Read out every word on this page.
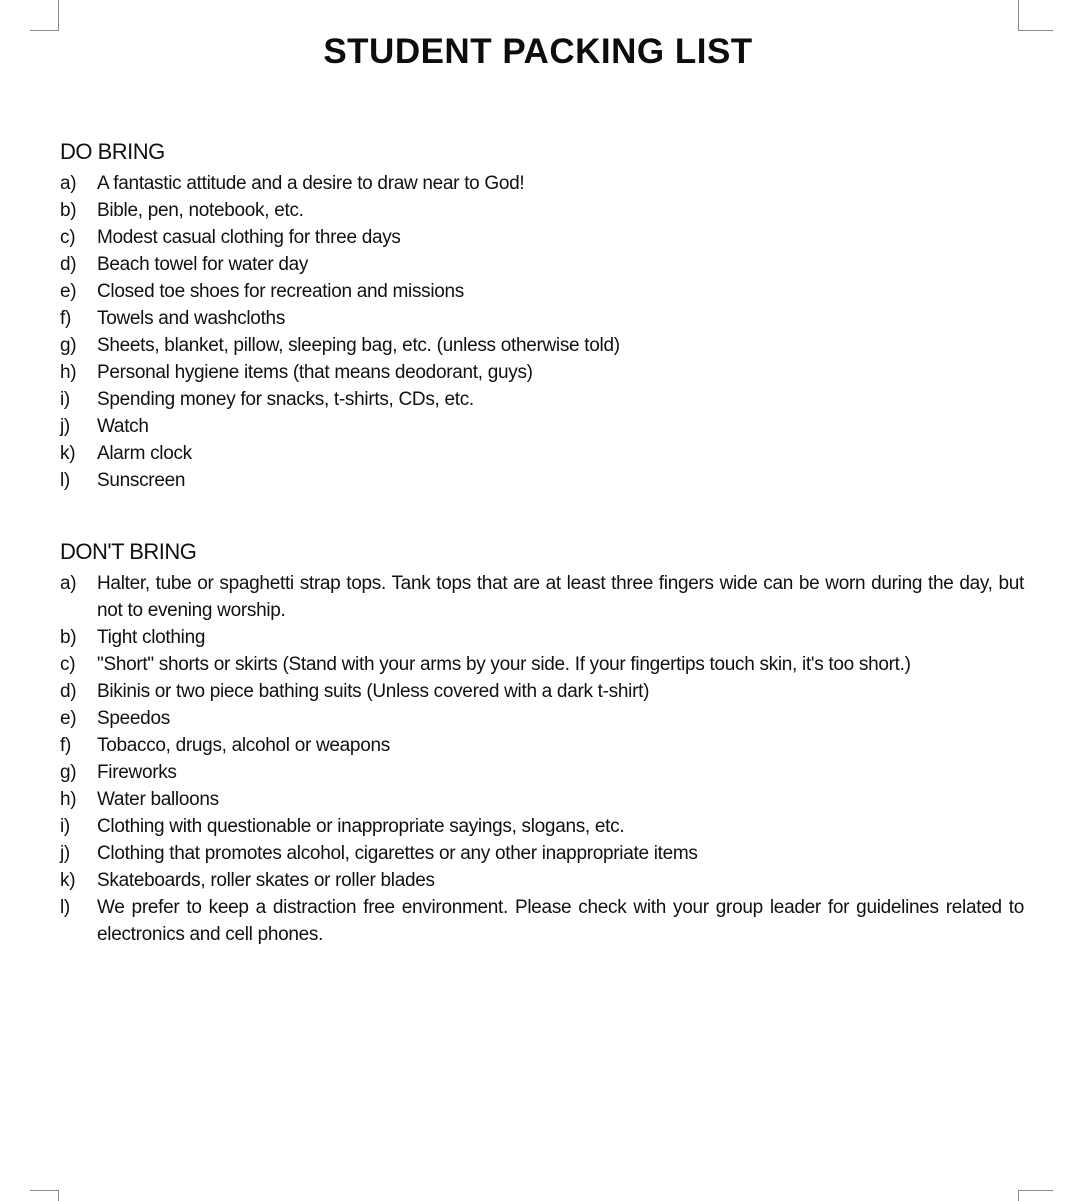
STUDENT PACKING LIST
DO BRING
a)	A fantastic attitude and a desire to draw near to God!
b)	Bible, pen, notebook, etc.
c)	Modest casual clothing for three days
d)	Beach towel for water day
e)	Closed toe shoes for recreation and missions
f)	Towels and washcloths
g)	Sheets, blanket, pillow, sleeping bag, etc. (unless otherwise told)
h)	Personal hygiene items (that means deodorant, guys)
i)	Spending money for snacks, t-shirts, CDs, etc.
j)	Watch
k)	Alarm clock
l)	Sunscreen
DON'T BRING
a)	Halter, tube or spaghetti strap tops. Tank tops that are at least three fingers wide can be worn during the day, but not to evening worship.
b)	Tight clothing
c)	"Short" shorts or skirts (Stand with your arms by your side. If your fingertips touch skin, it's too short.)
d)	Bikinis or two piece bathing suits (Unless covered with a dark t-shirt)
e)	Speedos
f)	Tobacco, drugs, alcohol or weapons
g)	Fireworks
h)	Water balloons
i)	Clothing with questionable or inappropriate sayings, slogans, etc.
j)	Clothing that promotes alcohol, cigarettes or any other inappropriate items
k)	Skateboards, roller skates or roller blades
l)	We prefer to keep a distraction free environment. Please check with your group leader for guidelines related to electronics and cell phones.
